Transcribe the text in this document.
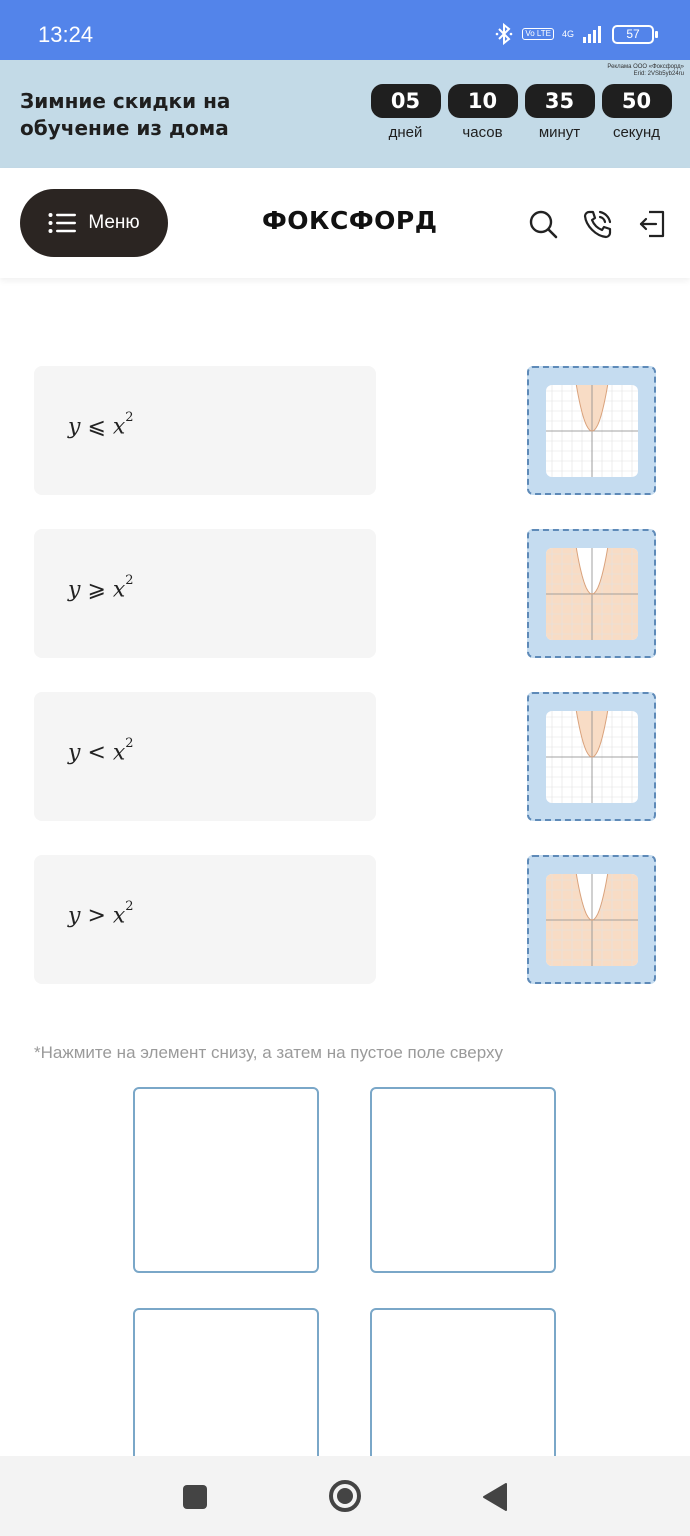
13:24	Vo LTE	4G	57
Реклама ООО «Фоксфорд»
Erid: 2VSb5yb24ru
Зимние скидки на обучение из дома
05
дней
10
часов
35
минут
50
секунд
Меню	ФОКСФОРД
y ⩽ $x^2$
y ⩾ $x^2$
$y < x^2$
$y > x^2$
*Нажмите на элемент снизу, а затем на пустое поле сверху
